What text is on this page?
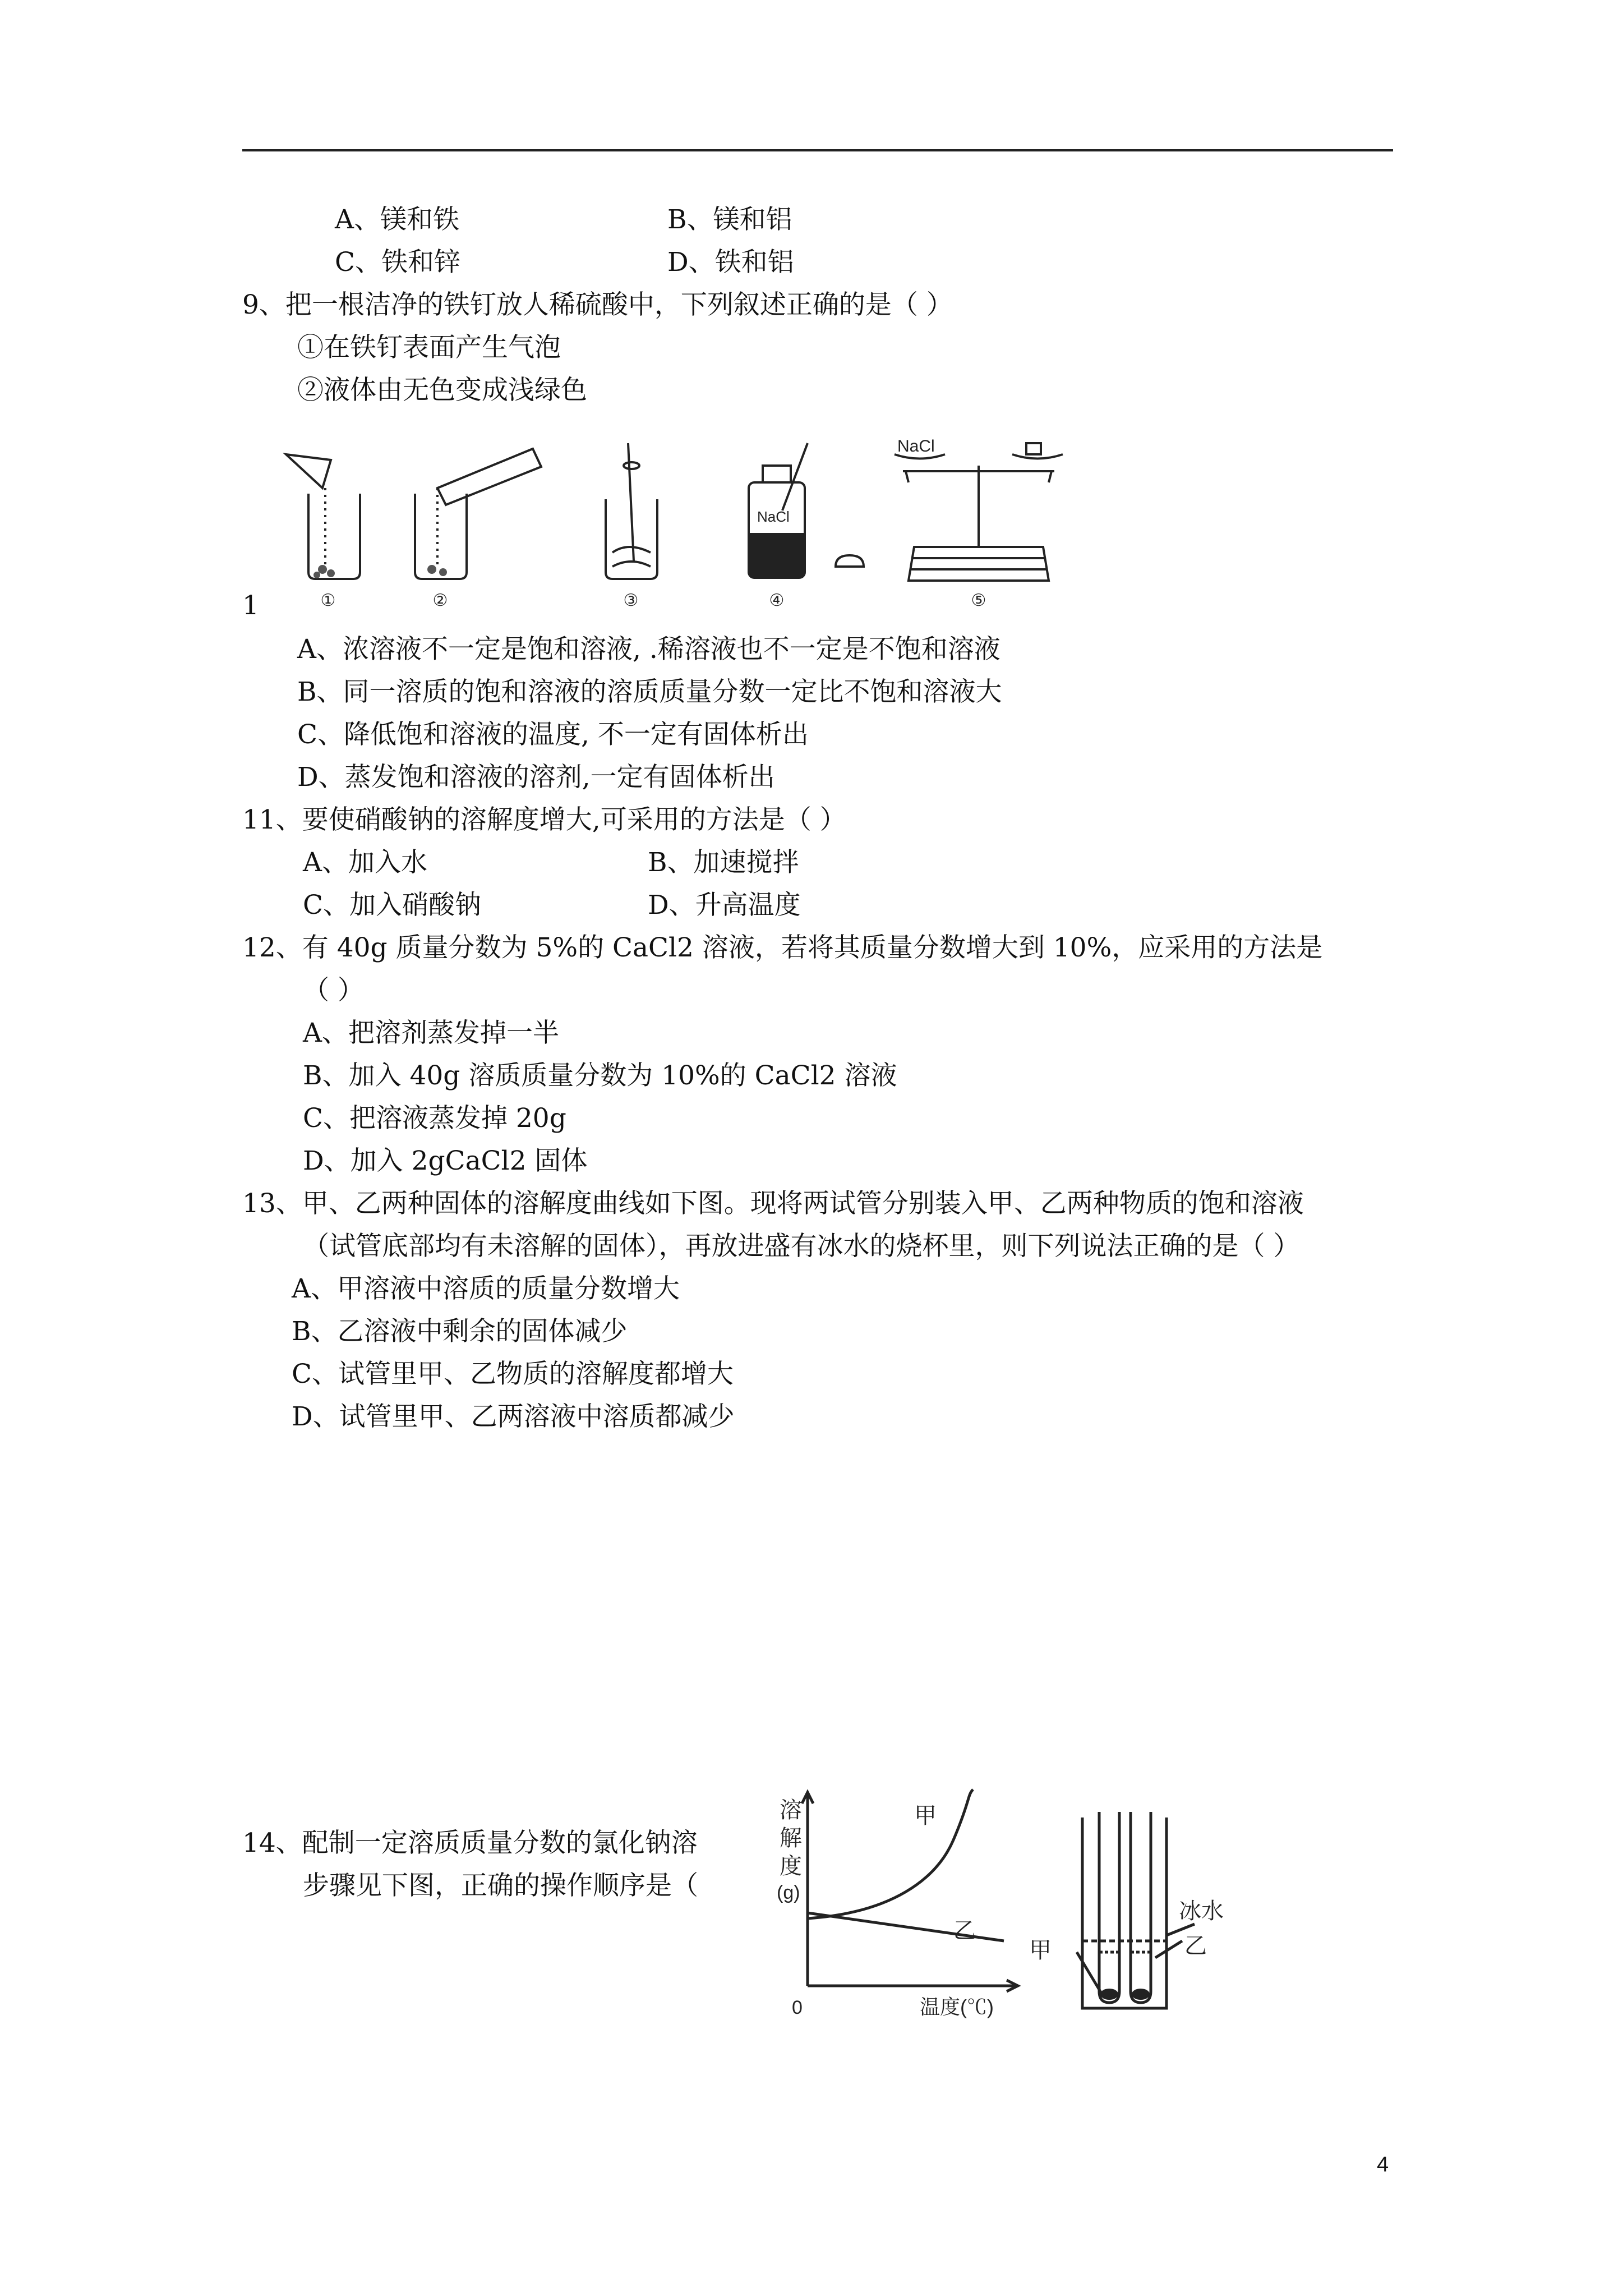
A、镁和铁	B、镁和铝
C、铁和锌	D、铁和铝
9、把一根洁净的铁钉放人稀硫酸中，下列叙述正确的是（ ）
①在铁钉表面产生气泡
②液体由无色变成浅绿色
NaCl
NaCl
①	②	③	④	⑤
1
A、浓溶液不一定是饱和溶液, .稀溶液也不一定是不饱和溶液
B、同一溶质的饱和溶液的溶质质量分数一定比不饱和溶液大
C、降低饱和溶液的温度, 不一定有固体析出
D、蒸发饱和溶液的溶剂,一定有固体析出
11、要使硝酸钠的溶解度增大,可采用的方法是（ ）
A、加入水	B、加速搅拌
C、加入硝酸钠	D、升高温度
12、有 40g 质量分数为 5%的 CaCl2 溶液，若将其质量分数增大到 10%，应采用的方法是
（ ）
A、把溶剂蒸发掉一半
B、加入 40g 溶质质量分数为 10%的 CaCl2 溶液
C、把溶液蒸发掉 20g
D、加入 2gCaCl2 固体
13、甲、乙两种固体的溶解度曲线如下图。现将两试管分别装入甲、乙两种物质的饱和溶液
（试管底部均有未溶解的固体），再放进盛有冰水的烧杯里，则下列说法正确的是（ ）
A、甲溶液中溶质的质量分数增大
B、乙溶液中剩余的固体减少
C、试管里甲、乙物质的溶解度都增大
D、试管里甲、乙两溶液中溶质都减少
14、配制一定溶质质量分数的氯化钠溶
步骤见下图，正确的操作顺序是（
溶
解
度
(g)
甲
乙
0	温度(℃)
冰水
乙
甲
4
